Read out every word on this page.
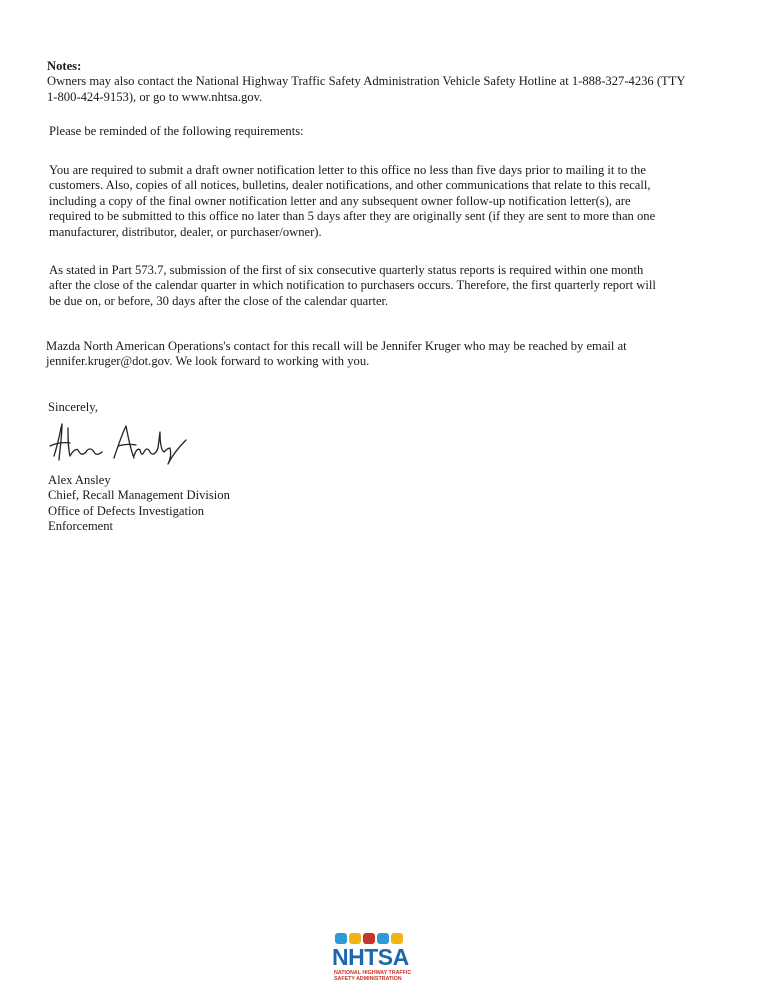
Notes:
Owners may also contact the National Highway Traffic Safety Administration Vehicle Safety Hotline at 1-888-327-4236 (TTY
1-800-424-9153), or go to www.nhtsa.gov.
Please be reminded of the following requirements:
You are required to submit a draft owner notification letter to this office no less than five days prior to mailing it to the
customers. Also, copies of all notices, bulletins, dealer notifications, and other communications that relate to this recall,
including a copy of the final owner notification letter and any subsequent owner follow-up notification letter(s), are
required to be submitted to this office no later than 5 days after they are originally sent (if they are sent to more than one
manufacturer, distributor, dealer, or purchaser/owner).
As stated in Part 573.7, submission of the first of six consecutive quarterly status reports is required within one month
after the close of the calendar quarter in which notification to purchasers occurs. Therefore, the first quarterly report will
be due on, or before, 30 days after the close of the calendar quarter.
Mazda North American Operations's contact for this recall will be Jennifer Kruger who may be reached by email at
jennifer.kruger@dot.gov. We look forward to working with you.
Sincerely,
Alex Ansley
Chief, Recall Management Division
Office of Defects Investigation
Enforcement
NHTSA
NATIONAL HIGHWAY TRAFFIC
SAFETY ADMINISTRATION
